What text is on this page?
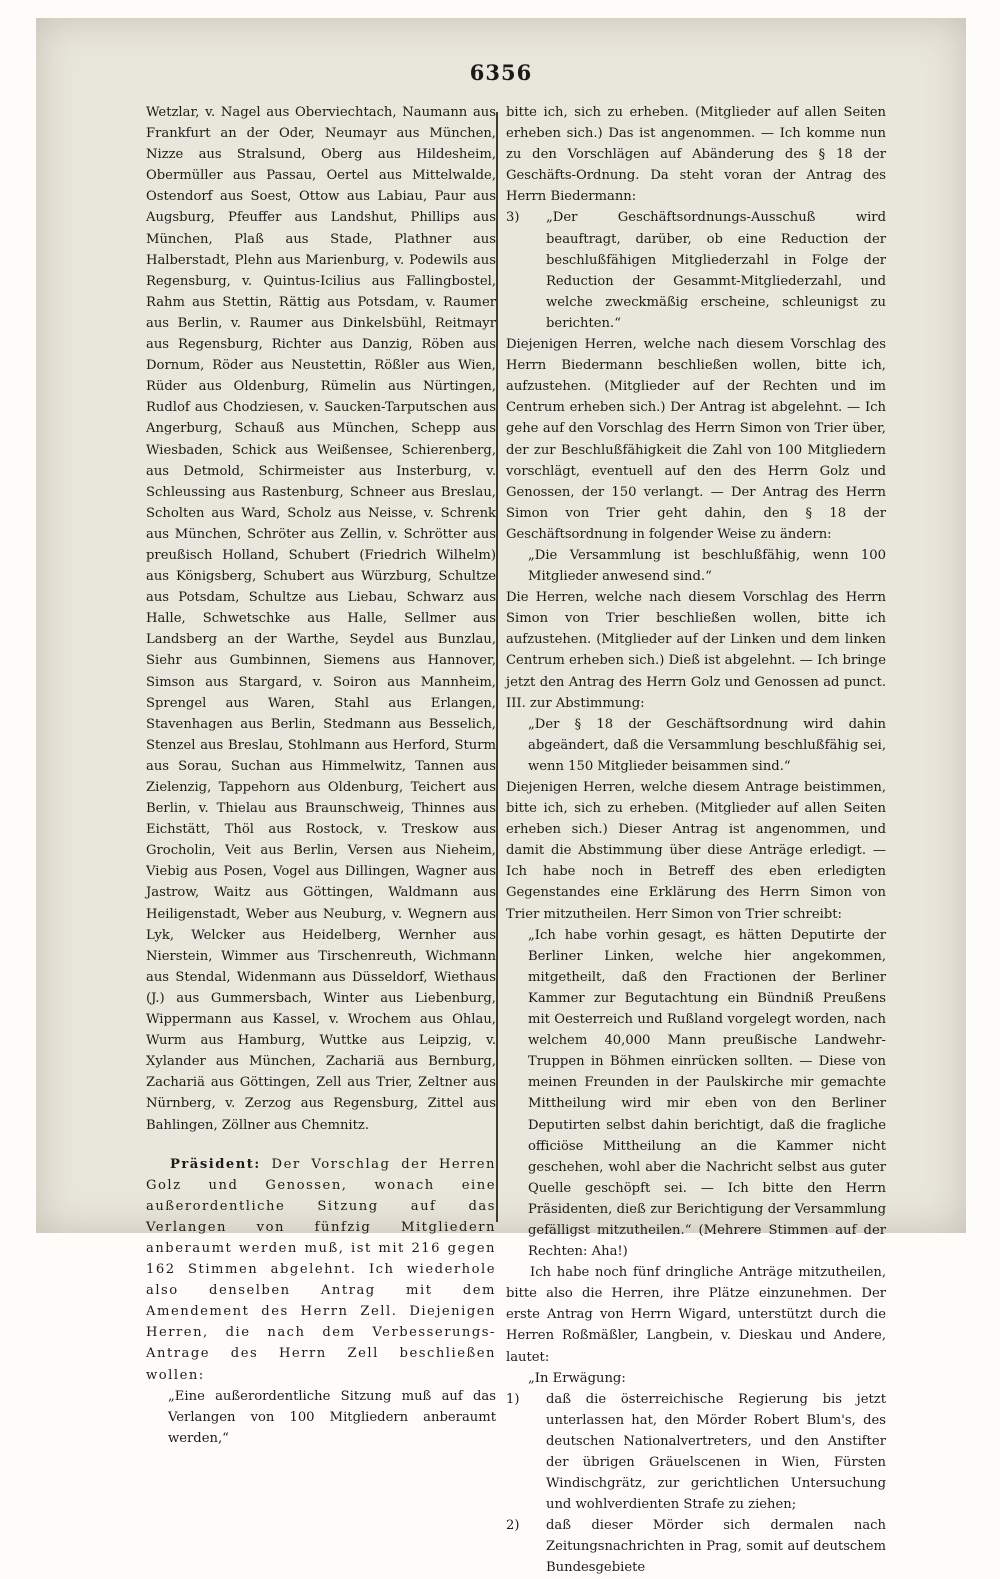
6356

Wetzlar, v. Nagel aus Oberviechtach, Naumann aus Frankfurt an der Oder, Neumayr aus München, Nizze aus Stralsund, Oberg aus Hildesheim, Obermüller aus Passau, Oertel aus Mittelwalde, Ostendorf aus Soest, Ottow aus Labiau, Paur aus Augsburg, Pfeuffer aus Landshut, Phillips aus München, Plaß aus Stade, Plathner aus Halberstadt, Plehn aus Marienburg, v. Podewils aus Regensburg, v. Quintus-Icilius aus Fallingbostel, Rahm aus Stettin, Rättig aus Potsdam, v. Raumer aus Berlin, v. Raumer aus Dinkelsbühl, Reitmayr aus Regensburg, Richter aus Danzig, Röben aus Dornum, Röder aus Neustettin, Rößler aus Wien, Rüder aus Oldenburg, Rümelin aus Nürtingen, Rudlof aus Chodziesen, v. Saucken-Tarputschen aus Angerburg, Schauß aus München, Schepp aus Wiesbaden, Schick aus Weißensee, Schierenberg, aus Detmold, Schirmeister aus Insterburg, v. Schleussing aus Rastenburg, Schneer aus Breslau, Scholten aus Ward, Scholz aus Neisse, v. Schrenk aus München, Schröter aus Zellin, v. Schrötter aus preußisch Holland, Schubert (Friedrich Wilhelm) aus Königsberg, Schubert aus Würzburg, Schultze aus Potsdam, Schultze aus Liebau, Schwarz aus Halle, Schwetschke aus Halle, Sellmer aus Landsberg an der Warthe, Seydel aus Bunzlau, Siehr aus Gumbinnen, Siemens aus Hannover, Simson aus Stargard, v. Soiron aus Mannheim, Sprengel aus Waren, Stahl aus Erlangen, Stavenhagen aus Berlin, Stedmann aus Besselich, Stenzel aus Breslau, Stohlmann aus Herford, Sturm aus Sorau, Suchan aus Himmelwitz, Tannen aus Zielenzig, Tappehorn aus Oldenburg, Teichert aus Berlin, v. Thielau aus Braunschweig, Thinnes aus Eichstätt, Thöl aus Rostock, v. Treskow aus Grocholin, Veit aus Berlin, Versen aus Nieheim, Viebig aus Posen, Vogel aus Dillingen, Wagner aus Jastrow, Waitz aus Göttingen, Waldmann aus Heiligenstadt, Weber aus Neuburg, v. Wegnern aus Lyk, Welcker aus Heidelberg, Wernher aus Nierstein, Wimmer aus Tirschenreuth, Wichmann aus Stendal, Widenmann aus Düsseldorf, Wiethaus (J.) aus Gummersbach, Winter aus Liebenburg, Wippermann aus Kassel, v. Wrochem aus Ohlau, Wurm aus Hamburg, Wuttke aus Leipzig, v. Xylander aus München, Zachariä aus Bernburg, Zachariä aus Göttingen, Zell aus Trier, Zeltner aus Nürnberg, v. Zerzog aus Regensburg, Zittel aus Bahlingen, Zöllner aus Chemnitz.

Präsident: Der Vorschlag der Herren Golz und Genossen, wonach eine außerordentliche Sitzung auf das Verlangen von fünfzig Mitgliedern anberaumt werden muß, ist mit 216 gegen 162 Stimmen abgelehnt. Ich wiederhole also denselben Antrag mit dem Amendement des Herrn Zell. Diejenigen Herren, die nach dem Verbesserungs-Antrage des Herrn Zell beschließen wollen:

„Eine außerordentliche Sitzung muß auf das Verlangen von 100 Mitgliedern anberaumt werden,“

bitte ich, sich zu erheben. (Mitglieder auf allen Seiten erheben sich.) Das ist angenommen. — Ich komme nun zu den Vorschlägen auf Abänderung des § 18 der Geschäfts-Ordnung. Da steht voran der Antrag des Herrn Biedermann:

3)	„Der Geschäftsordnungs-Ausschuß wird beauftragt, darüber, ob eine Reduction der beschlußfähigen Mitgliederzahl in Folge der Reduction der Gesammt-Mitgliederzahl, und welche zweckmäßig erscheine, schleunigst zu berichten.“

Diejenigen Herren, welche nach diesem Vorschlag des Herrn Biedermann beschließen wollen, bitte ich, aufzustehen. (Mitglieder auf der Rechten und im Centrum erheben sich.) Der Antrag ist abgelehnt. — Ich gehe auf den Vorschlag des Herrn Simon von Trier über, der zur Beschlußfähigkeit die Zahl von 100 Mitgliedern vorschlägt, eventuell auf den des Herrn Golz und Genossen, der 150 verlangt. — Der Antrag des Herrn Simon von Trier geht dahin, den § 18 der Geschäftsordnung in folgender Weise zu ändern:

„Die Versammlung ist beschlußfähig, wenn 100 Mitglieder anwesend sind.“

Die Herren, welche nach diesem Vorschlag des Herrn Simon von Trier beschließen wollen, bitte ich aufzustehen. (Mitglieder auf der Linken und dem linken Centrum erheben sich.) Dieß ist abgelehnt. — Ich bringe jetzt den Antrag des Herrn Golz und Genossen ad punct. III. zur Abstimmung:

„Der § 18 der Geschäftsordnung wird dahin abgeändert, daß die Versammlung beschlußfähig sei, wenn 150 Mitglieder beisammen sind.“

Diejenigen Herren, welche diesem Antrage beistimmen, bitte ich, sich zu erheben. (Mitglieder auf allen Seiten erheben sich.) Dieser Antrag ist angenommen, und damit die Abstimmung über diese Anträge erledigt. — Ich habe noch in Betreff des eben erledigten Gegenstandes eine Erklärung des Herrn Simon von Trier mitzutheilen. Herr Simon von Trier schreibt:

„Ich habe vorhin gesagt, es hätten Deputirte der Berliner Linken, welche hier angekommen, mitgetheilt, daß den Fractionen der Berliner Kammer zur Begutachtung ein Bündniß Preußens mit Oesterreich und Rußland vorgelegt worden, nach welchem 40,000 Mann preußische Landwehr-Truppen in Böhmen einrücken sollten. — Diese von meinen Freunden in der Paulskirche mir gemachte Mittheilung wird mir eben von den Berliner Deputirten selbst dahin berichtigt, daß die fragliche officiöse Mittheilung an die Kammer nicht geschehen, wohl aber die Nachricht selbst aus guter Quelle geschöpft sei. — Ich bitte den Herrn Präsidenten, dieß zur Berichtigung der Versammlung gefälligst mitzutheilen.“ (Mehrere Stimmen auf der Rechten: Aha!)

Ich habe noch fünf dringliche Anträge mitzutheilen, bitte also die Herren, ihre Plätze einzunehmen. Der erste Antrag von Herrn Wigard, unterstützt durch die Herren Roßmäßler, Langbein, v. Dieskau und Andere, lautet:

„In Erwägung:

1)	daß die österreichische Regierung bis jetzt unterlassen hat, den Mörder Robert Blum's, des deutschen Nationalvertreters, und den Anstifter der übrigen Gräuelscenen in Wien, Fürsten Windischgrätz, zur gerichtlichen Untersuchung und wohlverdienten Strafe zu ziehen;
2)	daß dieser Mörder sich dermalen nach Zeitungsnachrichten in Prag, somit auf deutschem Bundesgebiete
